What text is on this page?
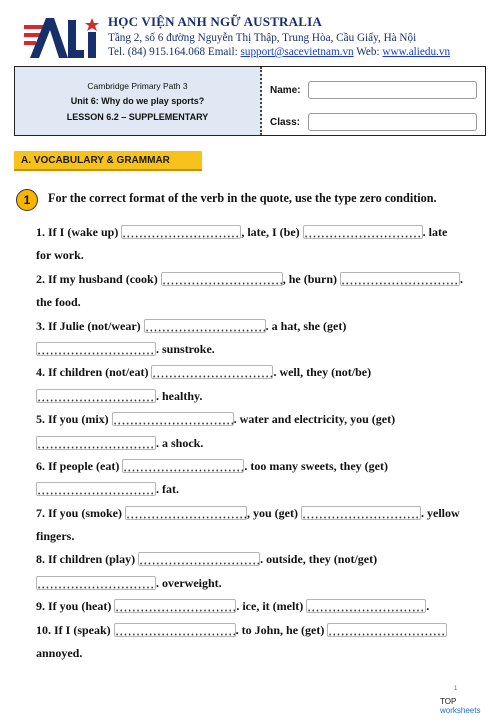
HỌC VIỆN ANH NGỮ AUSTRALIA
Tầng 2, số 6 đường Nguyễn Thị Thập, Trung Hòa, Cầu Giấy, Hà Nội
Tel. (84) 915.164.068 Email: support@sacevietnam.vn Web: www.aliedu.vn
Cambridge Primary Path 3
Unit 6: Why do we play sports?
LESSON 6.2 – SUPPLEMENTARY
Name:
Class:
A. VOCABULARY & GRAMMAR
1	For the correct format of the verb in the quote, use the type zero condition.
1. If I (wake up)	, late, I (be)	. late
for work.
2. If my husband (cook)	, he (burn)	.
the food.
3. If Julie (not/wear)	. a hat, she (get)
. sunstroke.
4. If children (not/eat)	. well, they (not/be)
. healthy.
5. If you (mix)	. water and electricity, you (get)
. a shock.
6. If people (eat)	. too many sweets, they (get)
. fat.
7. If you (smoke)	, you (get)	. yellow
fingers.
8. If children (play)	. outside, they (not/get)
. overweight.
9. If you (heat)	. ice, it (melt)	.
10. If I (speak)	. to John, he (get)
annoyed.
1
TOP
worksheets
